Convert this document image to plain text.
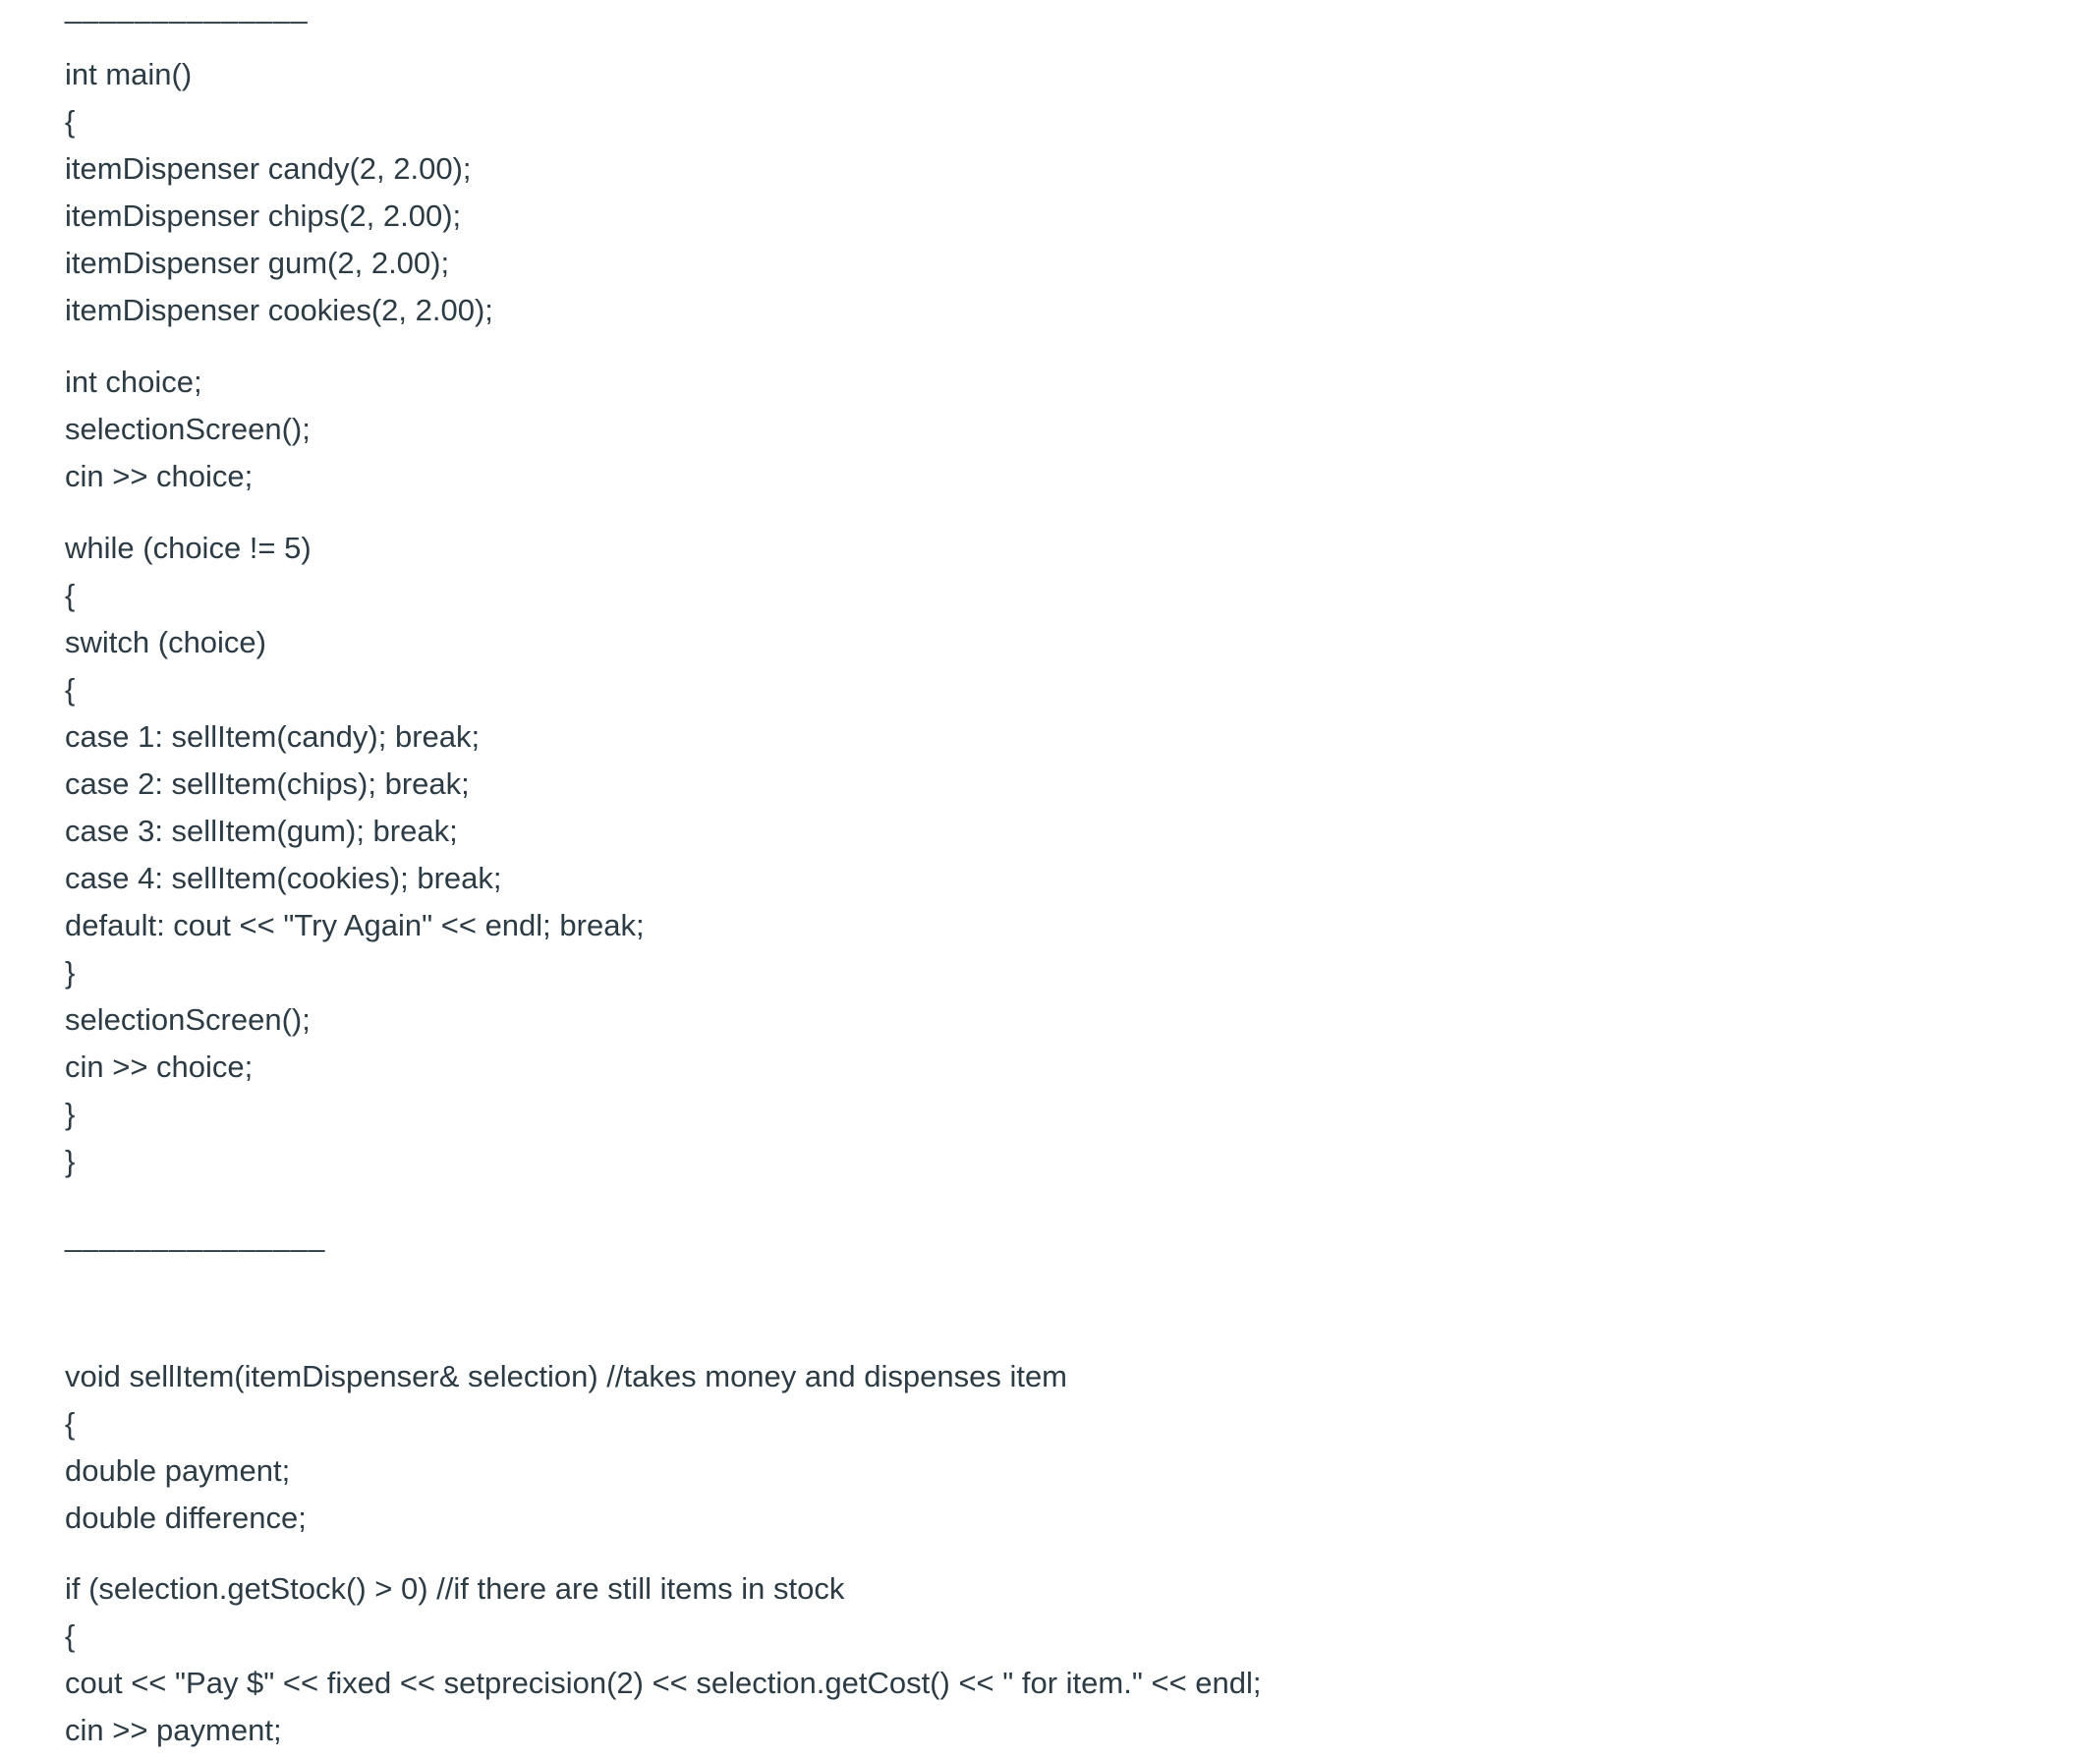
______________
int main()
{
itemDispenser candy(2, 2.00);
itemDispenser chips(2, 2.00);
itemDispenser gum(2, 2.00);
itemDispenser cookies(2, 2.00);
int choice;
selectionScreen();
cin >> choice;
while (choice != 5)
{
switch (choice)
{
case 1: sellItem(candy); break;
case 2: sellItem(chips); break;
case 3: sellItem(gum); break;
case 4: sellItem(cookies); break;
default: cout << "Try Again" << endl; break;
}
selectionScreen();
cin >> choice;
}
}
_______________
void sellItem(itemDispenser& selection) //takes money and dispenses item
{
double payment;
double difference;
if (selection.getStock() > 0) //if there are still items in stock
{
cout << "Pay $" << fixed << setprecision(2) << selection.getCost() << " for item." << endl;
cin >> payment;
